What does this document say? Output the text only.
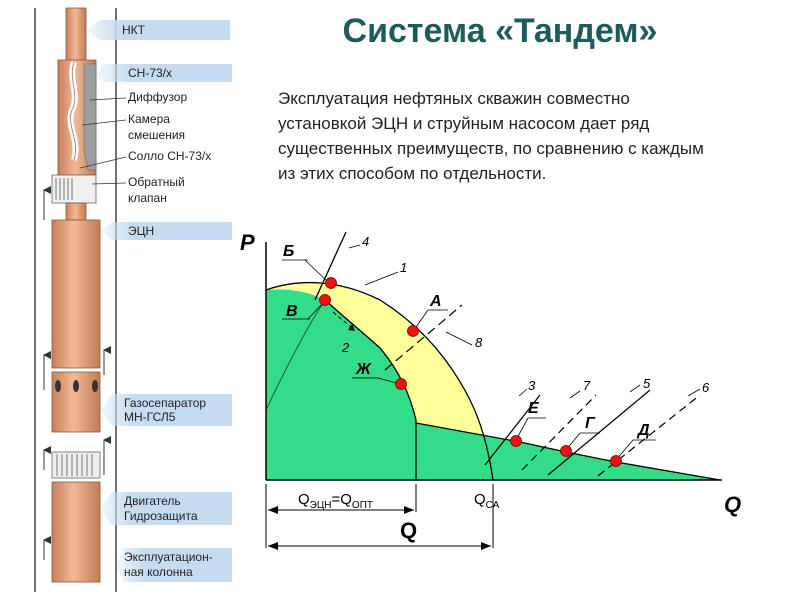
Система «Тандем»
Эксплуатация нефтяных скважин совместно установкой ЭЦН и струйным насосом дает ряд существенных преимуществ, по сравнению с каждым из этих способом по отдельности.
НКТ
СН-73/х
Диффузор
Камера
смешения
Солло СН-73/х
Обратный
клапан
ЭЦН
Газосепаратор
МН-ГСЛ5
Двигатель
Гидрозащита
Эксплуатацион-
ная колонна
P
Q
4
8
3	7	5	6
1
2
Б
В
А
Ж
Е
Г	Д
$Q_{ЭЦН}=Q_{ОПТ}$	$Q_{СА}$
Q
